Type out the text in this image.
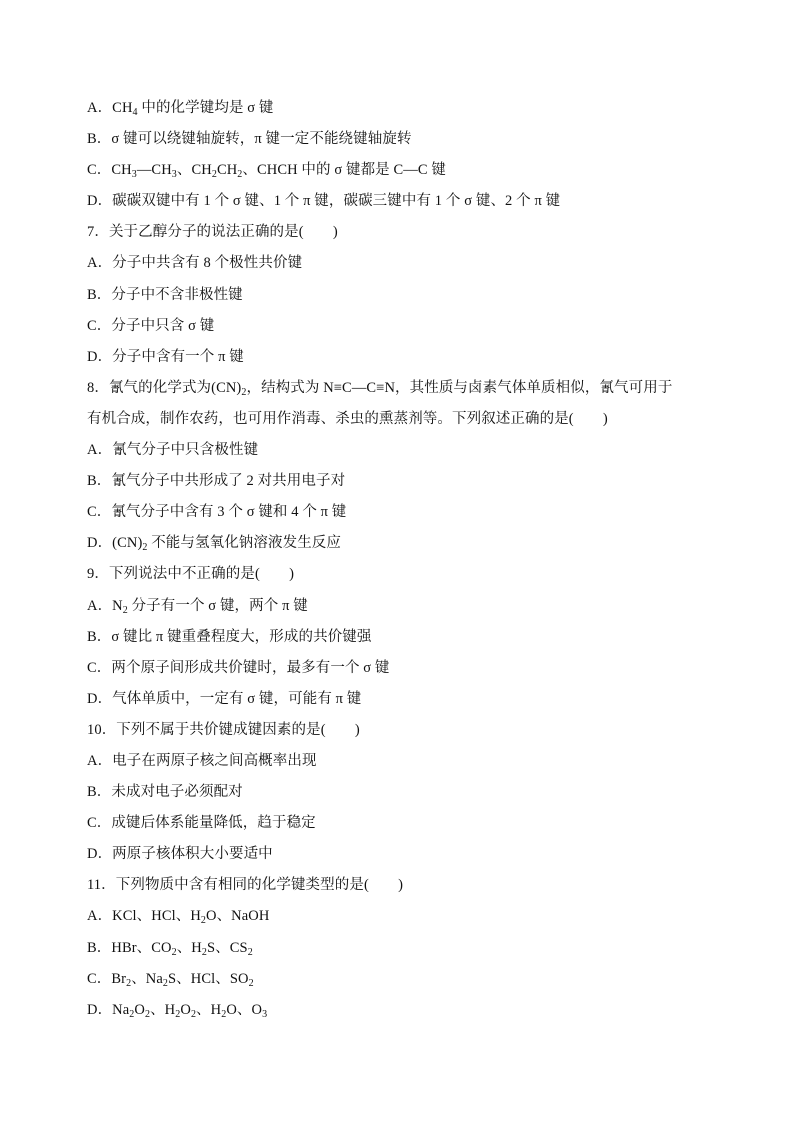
A．$CH_4$ 中的化学键均是 σ 键
B．σ 键可以绕键轴旋转，π 键一定不能绕键轴旋转
C．$CH_3—CH_3$、$CH_2CH_2$、CHCH 中的 σ 键都是 C—C 键
D．碳碳双键中有 1 个 σ 键、1 个 π 键，碳碳三键中有 1 个 σ 键、2 个 π 键
7．关于乙醇分子的说法正确的是(　　)
A．分子中共含有 8 个极性共价键
B．分子中不含非极性键
C．分子中只含 σ 键
D．分子中含有一个 π 键
8．氰气的化学式为$(CN)_2$，结构式为 N≡C—C≡N，其性质与卤素气体单质相似，氰气可用于
有机合成，制作农药，也可用作消毒、杀虫的熏蒸剂等。下列叙述正确的是(　　)
A．氰气分子中只含极性键
B．氰气分子中共形成了 2 对共用电子对
C．氰气分子中含有 3 个 σ 键和 4 个 π 键
D．$(CN)_2$ 不能与氢氧化钠溶液发生反应
9．下列说法中不正确的是(　　)
A．$N_2$ 分子有一个 σ 键，两个 π 键
B．σ 键比 π 键重叠程度大，形成的共价键强
C．两个原子间形成共价键时，最多有一个 σ 键
D．气体单质中，一定有 σ 键，可能有 π 键
10．下列不属于共价键成键因素的是(　　)
A．电子在两原子核之间高概率出现
B．未成对电子必须配对
C．成键后体系能量降低，趋于稳定
D．两原子核体积大小要适中
11．下列物质中含有相同的化学键类型的是(　　)
A．KCl、HCl、$H_2O$、NaOH
B．HBr、$CO_2$、$H_2S$、$CS_2$
C．$Br_2$、$Na_2S$、HCl、$SO_2$
D．$Na_2O_2$、$H_2O_2$、$H_2O$、$O_3$
